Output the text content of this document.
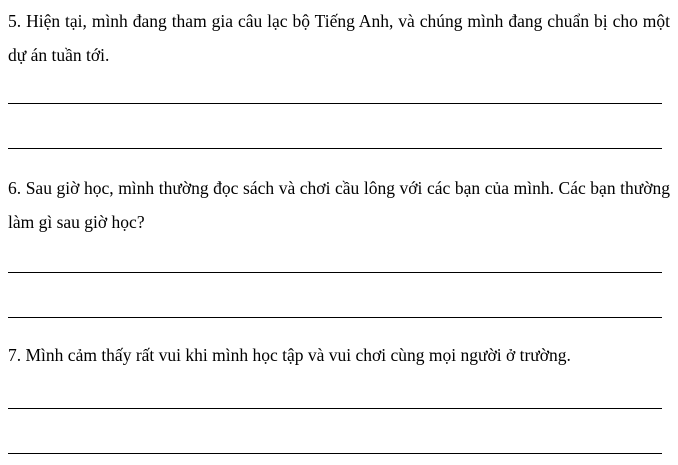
5. Hiện tại, mình đang tham gia câu lạc bộ Tiếng Anh, và chúng mình đang chuẩn bị cho một dự án tuần tới.

6. Sau giờ học, mình thường đọc sách và chơi cầu lông với các bạn của mình. Các bạn thường làm gì sau giờ học?

7. Mình cảm thấy rất vui khi mình học tập và vui chơi cùng mọi người ở trường.
